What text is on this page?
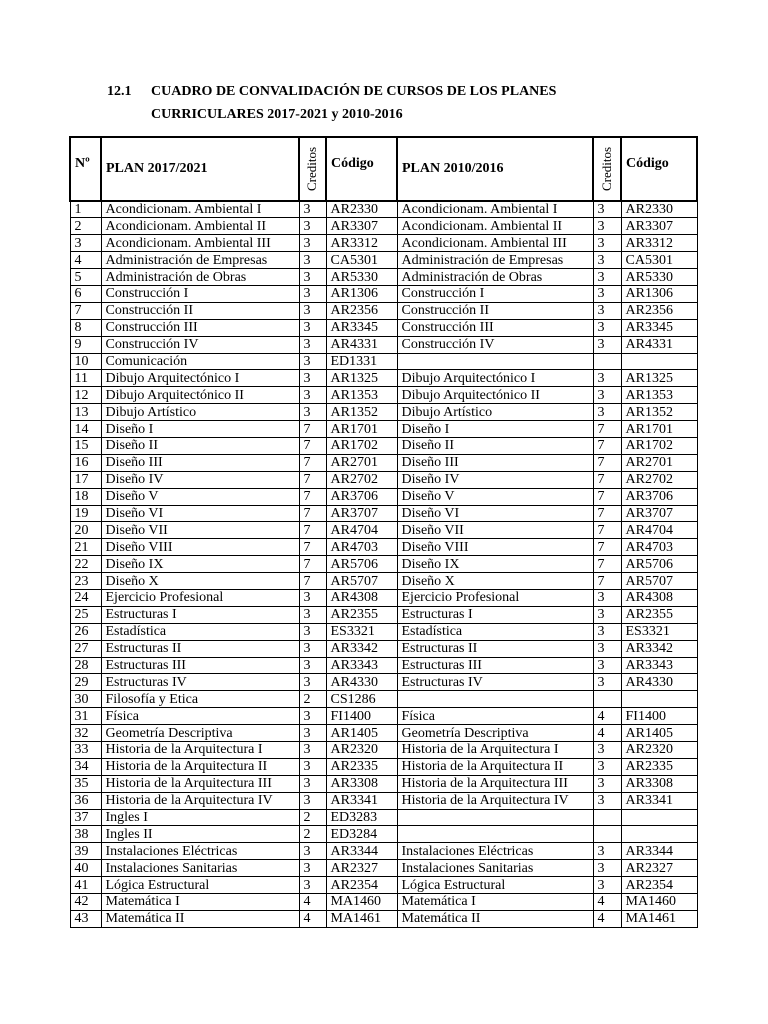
12.1	CUADRO DE CONVALIDACIÓN DE CURSOS DE LOS PLANES
CURRICULARES 2017-2021 y 2010-2016
Nº	PLAN 2017/2021	Creditos	Código	PLAN 2010/2016	Creditos	Código
1	Acondicionam. Ambiental I	3	AR2330	Acondicionam. Ambiental I	3	AR2330
2	Acondicionam. Ambiental II	3	AR3307	Acondicionam. Ambiental II	3	AR3307
3	Acondicionam. Ambiental III	3	AR3312	Acondicionam. Ambiental III	3	AR3312
4	Administración de Empresas	3	CA5301	Administración de Empresas	3	CA5301
5	Administración de Obras	3	AR5330	Administración de Obras	3	AR5330
6	Construcción I	3	AR1306	Construcción I	3	AR1306
7	Construcción II	3	AR2356	Construcción II	3	AR2356
8	Construcción III	3	AR3345	Construcción III	3	AR3345
9	Construcción IV	3	AR4331	Construcción IV	3	AR4331
10	Comunicación	3	ED1331			
11	Dibujo Arquitectónico I	3	AR1325	Dibujo Arquitectónico I	3	AR1325
12	Dibujo Arquitectónico II	3	AR1353	Dibujo Arquitectónico II	3	AR1353
13	Dibujo Artístico	3	AR1352	Dibujo Artístico	3	AR1352
14	Diseño I	7	AR1701	Diseño I	7	AR1701
15	Diseño II	7	AR1702	Diseño II	7	AR1702
16	Diseño III	7	AR2701	Diseño III	7	AR2701
17	Diseño IV	7	AR2702	Diseño IV	7	AR2702
18	Diseño V	7	AR3706	Diseño V	7	AR3706
19	Diseño VI	7	AR3707	Diseño VI	7	AR3707
20	Diseño VII	7	AR4704	Diseño VII	7	AR4704
21	Diseño VIII	7	AR4703	Diseño VIII	7	AR4703
22	Diseño IX	7	AR5706	Diseño IX	7	AR5706
23	Diseño X	7	AR5707	Diseño X	7	AR5707
24	Ejercicio Profesional	3	AR4308	Ejercicio Profesional	3	AR4308
25	Estructuras I	3	AR2355	Estructuras I	3	AR2355
26	Estadística	3	ES3321	Estadística	3	ES3321
27	Estructuras II	3	AR3342	Estructuras II	3	AR3342
28	Estructuras III	3	AR3343	Estructuras III	3	AR3343
29	Estructuras IV	3	AR4330	Estructuras IV	3	AR4330
30	Filosofía y Etica	2	CS1286			
31	Física	3	FI1400	Física	4	FI1400
32	Geometría Descriptiva	3	AR1405	Geometría Descriptiva	4	AR1405
33	Historia de la Arquitectura I	3	AR2320	Historia de la Arquitectura I	3	AR2320
34	Historia de la Arquitectura II	3	AR2335	Historia de la Arquitectura II	3	AR2335
35	Historia de la Arquitectura III	3	AR3308	Historia de la Arquitectura III	3	AR3308
36	Historia de la Arquitectura IV	3	AR3341	Historia de la Arquitectura IV	3	AR3341
37	Ingles I	2	ED3283			
38	Ingles II	2	ED3284			
39	Instalaciones Eléctricas	3	AR3344	Instalaciones Eléctricas	3	AR3344
40	Instalaciones Sanitarias	3	AR2327	Instalaciones Sanitarias	3	AR2327
41	Lógica Estructural	3	AR2354	Lógica Estructural	3	AR2354
42	Matemática I	4	MA1460	Matemática I	4	MA1460
43	Matemática II	4	MA1461	Matemática II	4	MA1461
